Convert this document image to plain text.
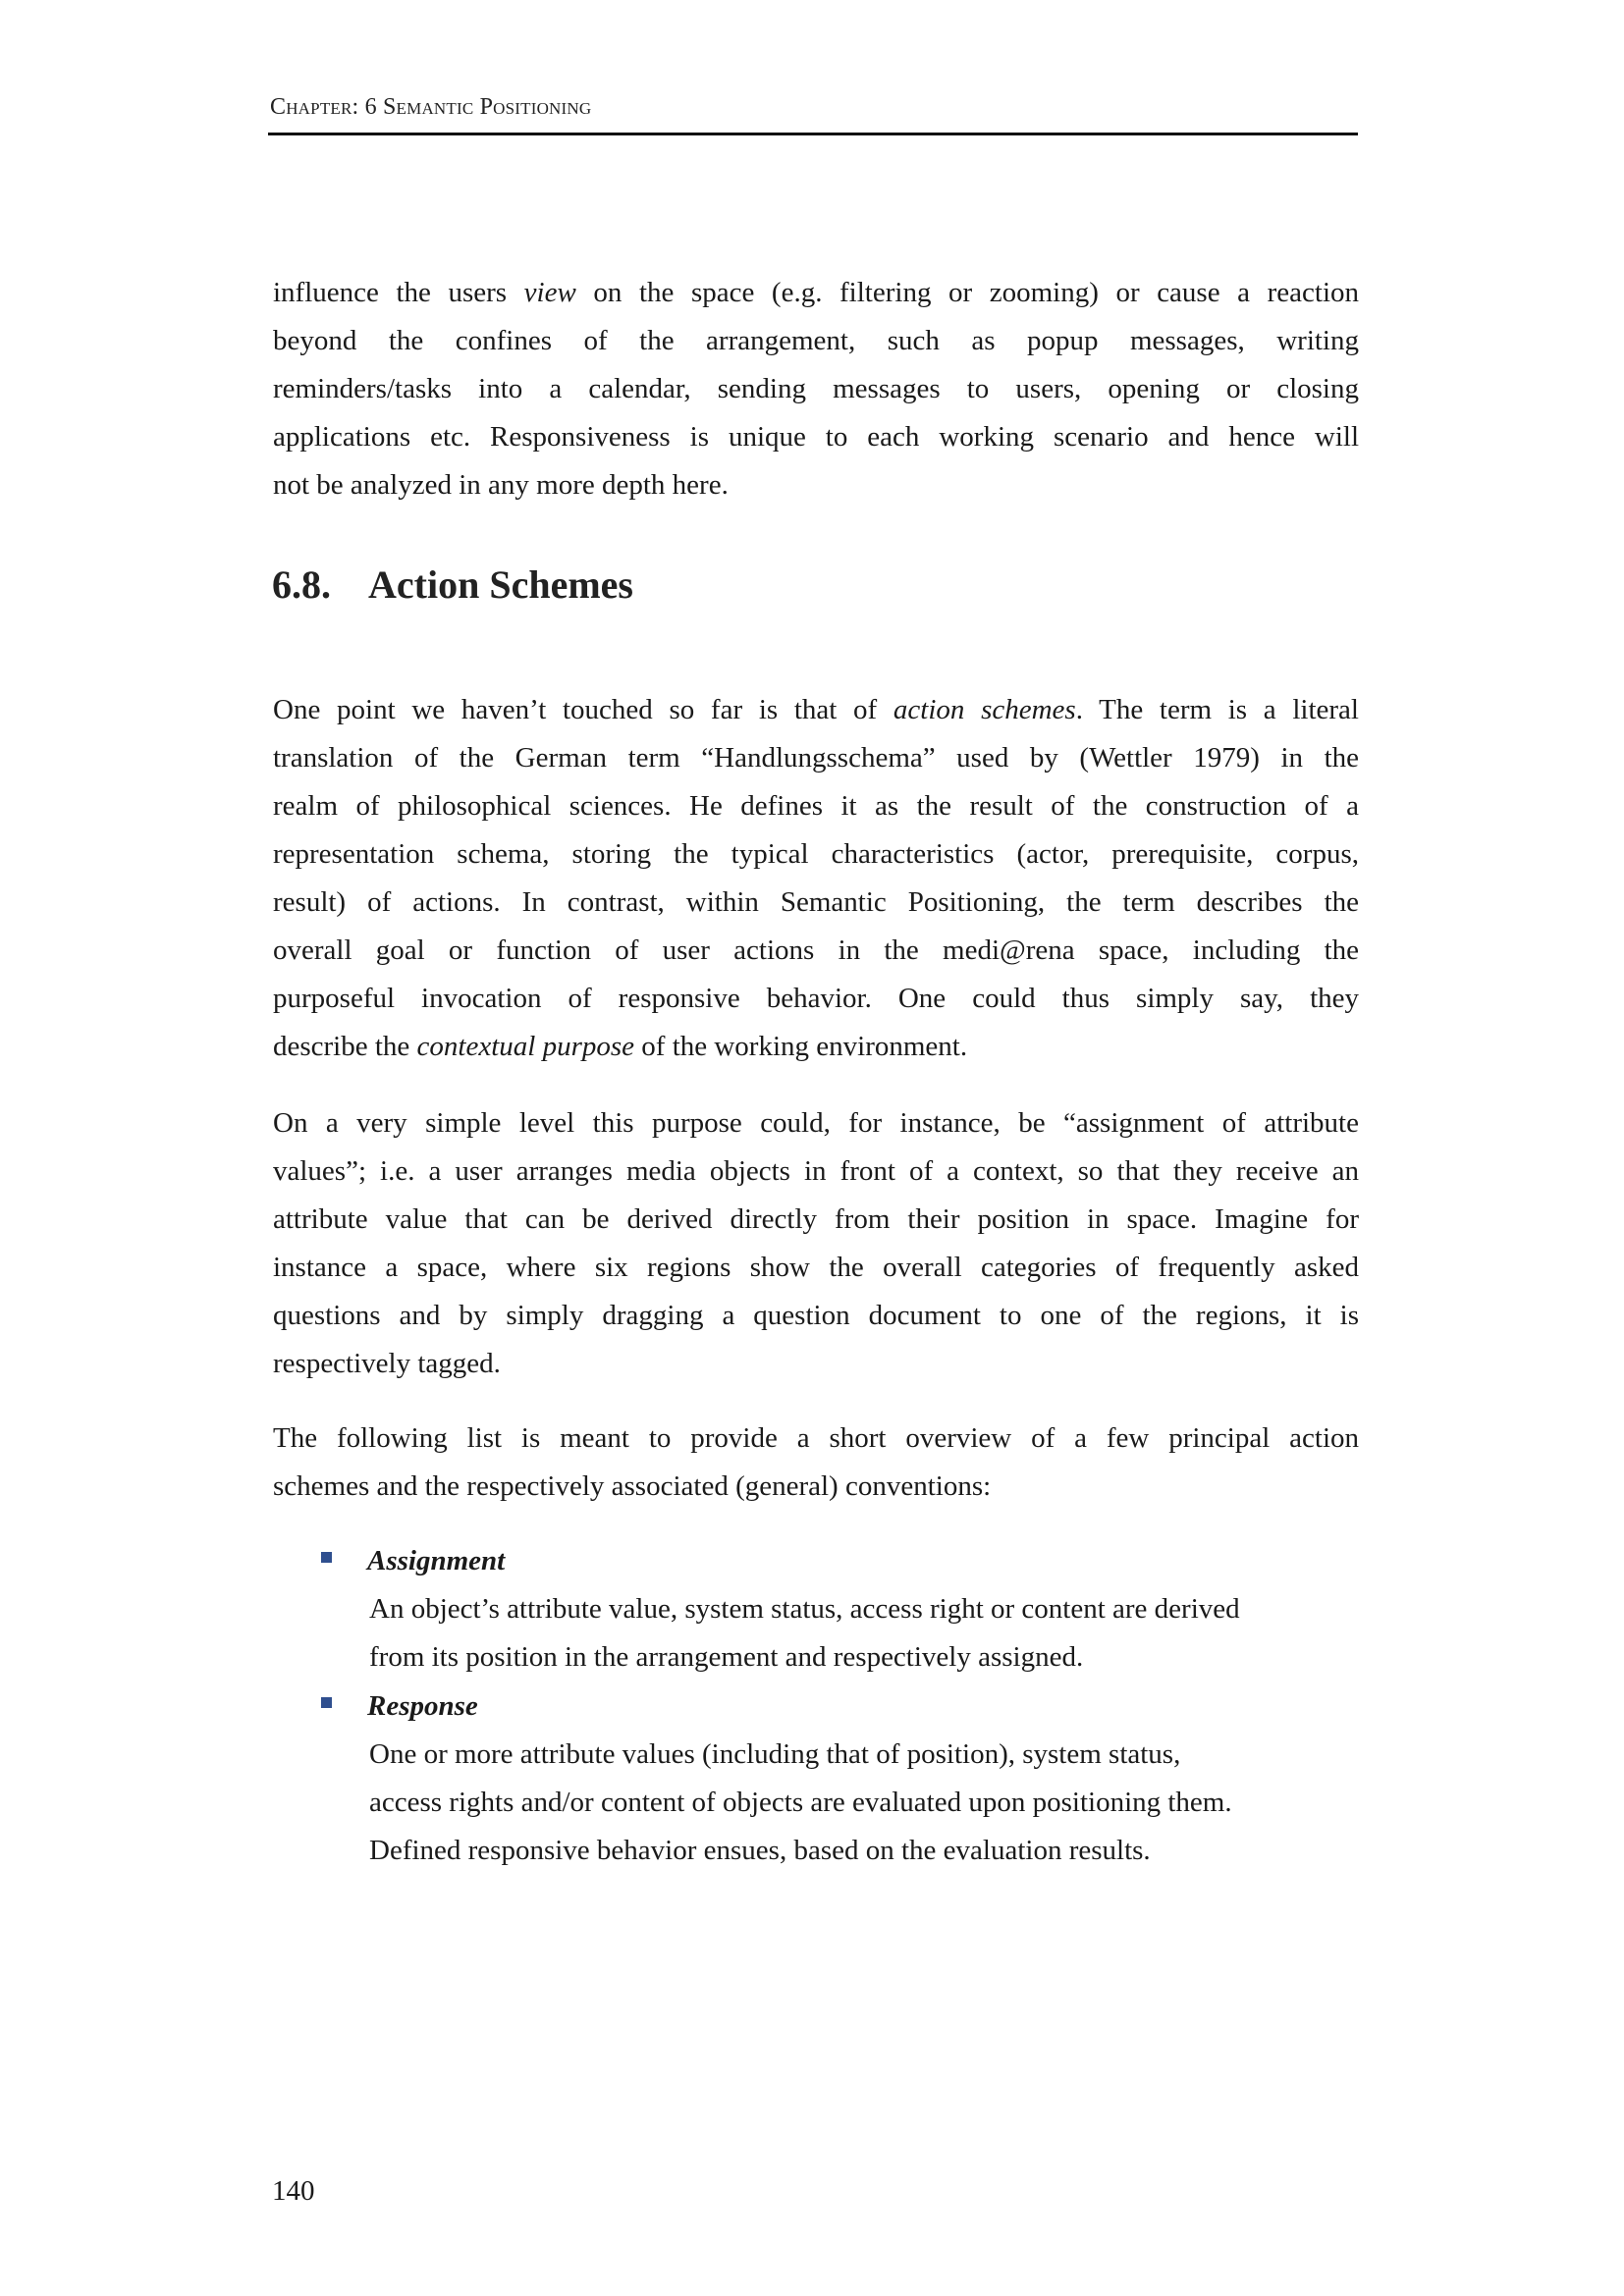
Chapter: 6 Semantic Positioning
influence the users view on the space (e.g. filtering or zooming) or cause a reaction
beyond the confines of the arrangement, such as popup messages, writing
reminders/tasks into a calendar, sending messages to users, opening or closing
applications etc. Responsiveness is unique to each working scenario and hence will
not be analyzed in any more depth here.
6.8. Action Schemes
One point we haven’t touched so far is that of action schemes. The term is a literal
translation of the German term “Handlungsschema” used by (Wettler 1979) in the
realm of philosophical sciences. He defines it as the result of the construction of a
representation schema, storing the typical characteristics (actor, prerequisite, corpus,
result) of actions. In contrast, within Semantic Positioning, the term describes the
overall goal or function of user actions in the medi@rena space, including the
purposeful invocation of responsive behavior. One could thus simply say, they
describe the contextual purpose of the working environment.
On a very simple level this purpose could, for instance, be “assignment of attribute
values”; i.e. a user arranges media objects in front of a context, so that they receive an
attribute value that can be derived directly from their position in space. Imagine for
instance a space, where six regions show the overall categories of frequently asked
questions and by simply dragging a question document to one of the regions, it is
respectively tagged.
The following list is meant to provide a short overview of a few principal action
schemes and the respectively associated (general) conventions:
Assignment
An object’s attribute value, system status, access right or content are derived
from its position in the arrangement and respectively assigned.
Response
One or more attribute values (including that of position), system status,
access rights and/or content of objects are evaluated upon positioning them.
Defined responsive behavior ensues, based on the evaluation results.
140
